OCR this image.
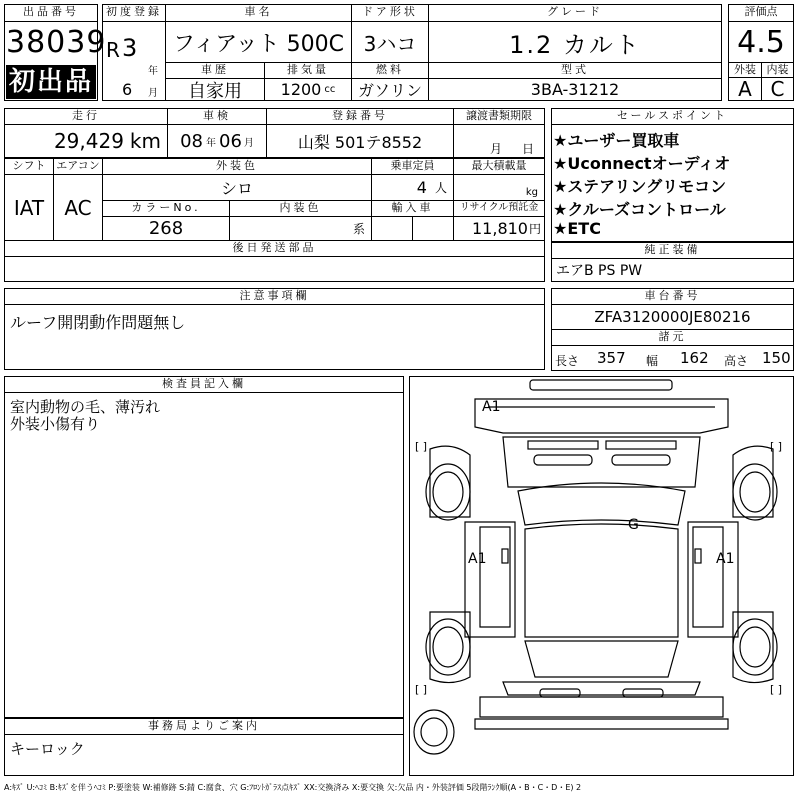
出品番号
38039
初出品
初度登録
R 3
年
6 月
車名
フィアット 500C
ドア形状
3ハコ
グレード
1.2 カルト
評価点
4.5
外装 内装
A C
車歴
自家用
排気量
1200 cc
燃料
ガソリン
型式
3BA-31212
走行
29,429 km
車検
08 年 06 月
登録番号
山梨 501テ8552
譲渡書類期限
月 日
シフト
IAT
エアコン
AC
外装色
シロ
カラーNo.
268
内装色
系
乗車定員
4 人
輸入車
最大積載量
kg
リサイクル預託金
11,810 円
後日発送部品
セールスポイント
★ユーザー買取車
★Uconnectオーディオ
★ステアリングリモコン
★クルーズコントロール
★ETC
純正装備
エアB PS PW
注意事項欄
ルーフ開閉動作問題無し
車台番号
ZFA3120000JE80216
諸元
長さ 357 幅 162 高さ 150
検査員記入欄
室内動物の毛、薄汚れ
外装小傷有り
事務局よりご案内
キーロック
[ ]	[ ]
[ ]	[ ]
A1
A1	A1
G
A:ｷｽﾞ U:ﾍｺﾐ B:ｷｽﾞを伴うﾍｺﾐ P:要塗装 W:補修跡 S:錆 C:腐食、穴 G:ﾌﾛﾝﾄｶﾞﾗｽ点ｷｽﾞ XX:交換済み X:要交換 欠:欠品 内・外装評価 5段階ﾗﾝｸ順(A・B・C・D・E) 2
